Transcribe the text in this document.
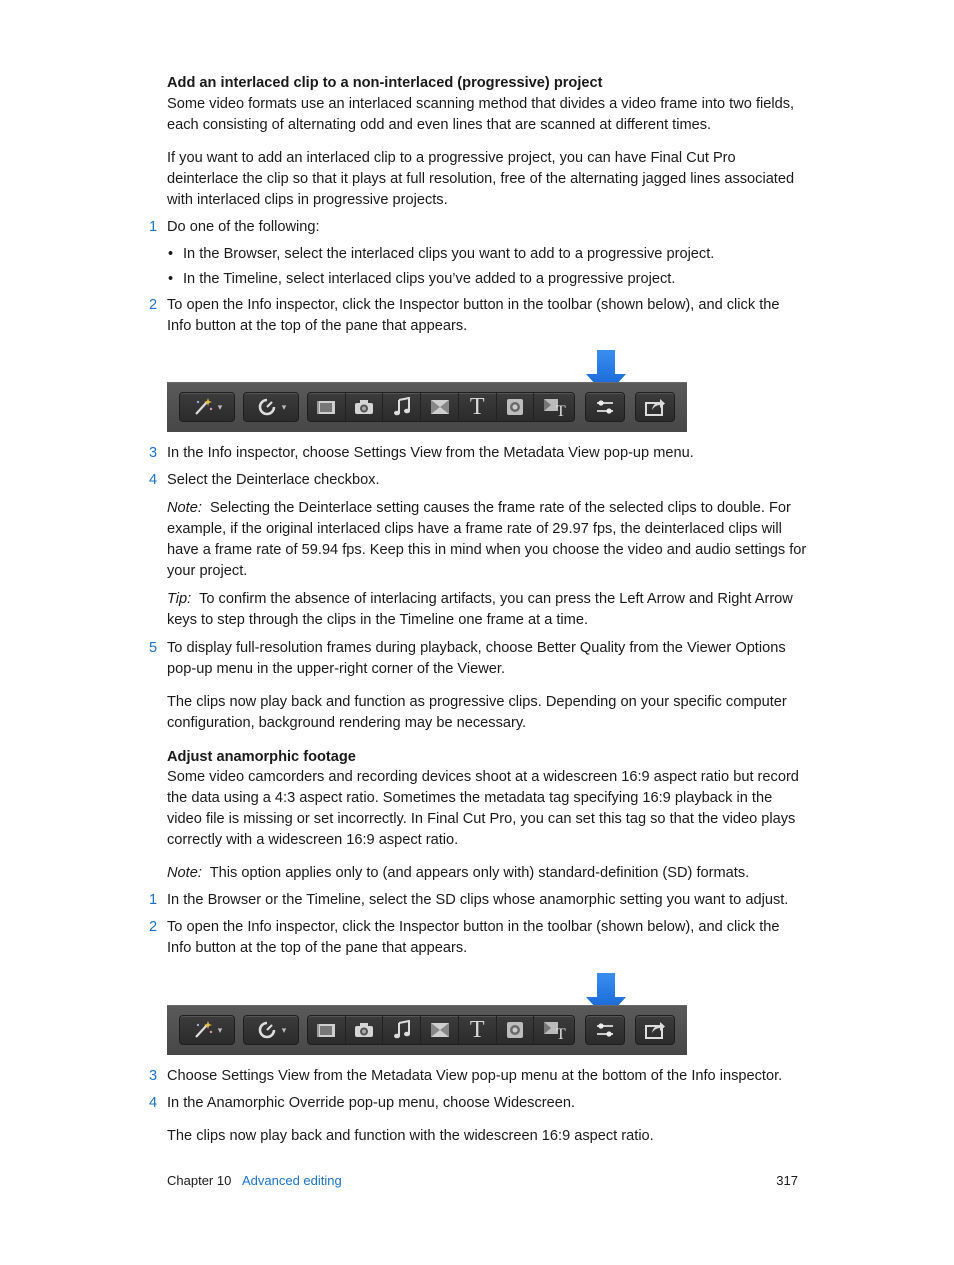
Add an interlaced clip to a non-interlaced (progressive) project
Some video formats use an interlaced scanning method that divides a video frame into two fields, each consisting of alternating odd and even lines that are scanned at different times.
If you want to add an interlaced clip to a progressive project, you can have Final Cut Pro deinterlace the clip so that it plays at full resolution, free of the alternating jagged lines associated with interlaced clips in progressive projects.
1 Do one of the following:
• In the Browser, select the interlaced clips you want to add to a progressive project.
• In the Timeline, select interlaced clips you’ve added to a progressive project.
2 To open the Info inspector, click the Inspector button in the toolbar (shown below), and click the Info button at the top of the pane that appears.
▾	▾	T	T
3 In the Info inspector, choose Settings View from the Metadata View pop-up menu.
4 Select the Deinterlace checkbox.
Note: Selecting the Deinterlace setting causes the frame rate of the selected clips to double. For example, if the original interlaced clips have a frame rate of 29.97 fps, the deinterlaced clips will have a frame rate of 59.94 fps. Keep this in mind when you choose the video and audio settings for your project.
Tip: To confirm the absence of interlacing artifacts, you can press the Left Arrow and Right Arrow keys to step through the clips in the Timeline one frame at a time.
5 To display full-resolution frames during playback, choose Better Quality from the Viewer Options pop-up menu in the upper-right corner of the Viewer.
The clips now play back and function as progressive clips. Depending on your specific computer configuration, background rendering may be necessary.
Adjust anamorphic footage
Some video camcorders and recording devices shoot at a widescreen 16:9 aspect ratio but record the data using a 4:3 aspect ratio. Sometimes the metadata tag specifying 16:9 playback in the video file is missing or set incorrectly. In Final Cut Pro, you can set this tag so that the video plays correctly with a widescreen 16:9 aspect ratio.
Note: This option applies only to (and appears only with) standard-definition (SD) formats.
1 In the Browser or the Timeline, select the SD clips whose anamorphic setting you want to adjust.
2 To open the Info inspector, click the Inspector button in the toolbar (shown below), and click the Info button at the top of the pane that appears.
▾	▾	T	T
3 Choose Settings View from the Metadata View pop-up menu at the bottom of the Info inspector.
4 In the Anamorphic Override pop-up menu, choose Widescreen.
The clips now play back and function with the widescreen 16:9 aspect ratio.
Chapter 10 Advanced editing	317
